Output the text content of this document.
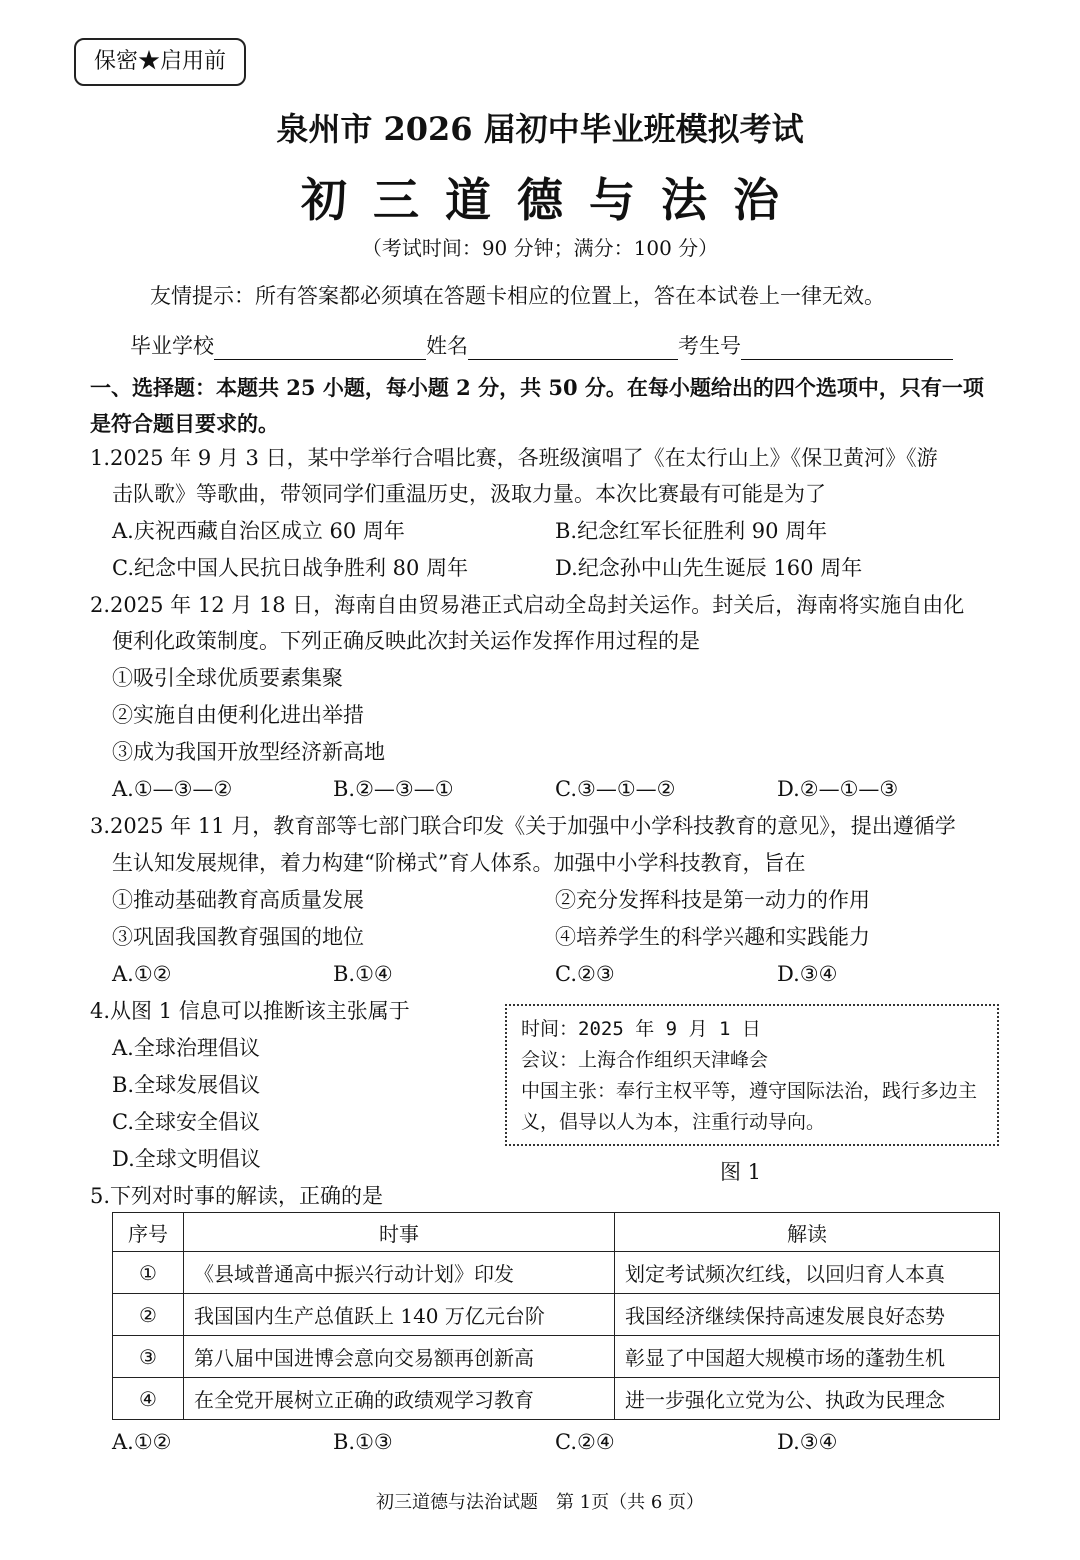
保密★启用前
泉州市 2026 届初中毕业班模拟考试
初三道德与法治
（考试时间：90 分钟；满分：100 分）
友情提示：所有答案都必须填在答题卡相应的位置上，答在本试卷上一律无效。
毕业学校	姓名	考生号
一、选择题：本题共 25 小题，每小题 2 分，共 50 分。在每小题给出的四个选项中，只有一项是符合题目要求的。
1.2025 年 9 月 3 日，某中学举行合唱比赛，各班级演唱了《在太行山上》《保卫黄河》《游
击队歌》等歌曲，带领同学们重温历史，汲取力量。本次比赛最有可能是为了
A.庆祝西藏自治区成立 60 周年	B.纪念红军长征胜利 90 周年
C.纪念中国人民抗日战争胜利 80 周年	D.纪念孙中山先生诞辰 160 周年
2.2025 年 12 月 18 日，海南自由贸易港正式启动全岛封关运作。封关后，海南将实施自由化
便利化政策制度。下列正确反映此次封关运作发挥作用过程的是
①吸引全球优质要素集聚
②实施自由便利化进出举措
③成为我国开放型经济新高地
A.①—③—②	B.②—③—①	C.③—①—②	D.②—①—③
3.2025 年 11 月，教育部等七部门联合印发《关于加强中小学科技教育的意见》，提出遵循学
生认知发展规律，着力构建“阶梯式”育人体系。加强中小学科技教育，旨在
①推动基础教育高质量发展	②充分发挥科技是第一动力的作用
③巩固我国教育强国的地位	④培养学生的科学兴趣和实践能力
A.①②	B.①④	C.②③	D.③④
4.从图 1 信息可以推断该主张属于
A.全球治理倡议
B.全球发展倡议
C.全球安全倡议
D.全球文明倡议
时间：2025 年 9 月 1 日
会议：上海合作组织天津峰会
中国主张：奉行主权平等，遵守国际法治，践行多边主义，倡导以人为本，注重行动导向。
图 1
5.下列对时事的解读，正确的是
序号	时事	解读
①	《县域普通高中振兴行动计划》印发	划定考试频次红线，以回归育人本真
②	我国国内生产总值跃上 140 万亿元台阶	我国经济继续保持高速发展良好态势
③	第八届中国进博会意向交易额再创新高	彰显了中国超大规模市场的蓬勃生机
④	在全党开展树立正确的政绩观学习教育	进一步强化立党为公、执政为民理念
A.①②	B.①③	C.②④	D.③④
初三道德与法治试题　第 1页（共 6 页）
